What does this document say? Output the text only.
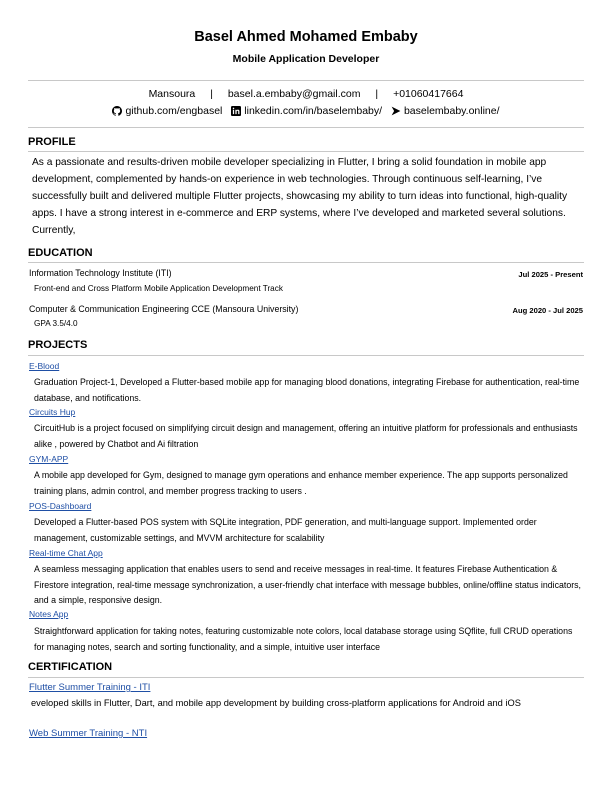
Basel Ahmed Mohamed Embaby
Mobile Application Developer
Mansoura | basel.a.embaby@gmail.com | +01060417664
github.com/engbasel
linkedin.com/in/baselembaby/
baselembaby.online/
PROFILE
As a passionate and results-driven mobile developer specializing in Flutter, I bring a solid foundation in mobile app development, complemented by hands-on experience in web technologies. Through continuous self-learning, I’ve successfully built and delivered multiple Flutter projects, showcasing my ability to turn ideas into functional, high-quality apps. I have a strong interest in e-commerce and ERP systems, where I’ve developed and marketed several solutions. Currently,
EDUCATION
Information Technology Institute (ITI)	Jul 2025 - Present
Front-end and Cross Platform Mobile Application Development Track
Computer & Communication Engineering CCE (Mansoura University)	Aug 2020 - Jul 2025
GPA 3.5/4.0
PROJECTS
E-Blood
Graduation Project-1, Developed a Flutter-based mobile app for managing blood donations, integrating Firebase for authentication, real-time database, and notifications.
Circuits Hup
CircuitHub is a project focused on simplifying circuit design and management, offering an intuitive platform for professionals and enthusiasts alike , powered by Chatbot and Ai filtration
GYM-APP
A mobile app developed for Gym, designed to manage gym operations and enhance member experience. The app supports personalized training plans, admin control, and member progress tracking to users .
POS-Dashboard
Developed a Flutter-based POS system with SQLite integration, PDF generation, and multi-language support. Implemented order management, customizable settings, and MVVM architecture for scalability
Real-time Chat App
A seamless messaging application that enables users to send and receive messages in real-time. It features Firebase Authentication & Firestore integration, real-time message synchronization, a user-friendly chat interface with message bubbles, online/offline status indicators, and a simple, responsive design.
Notes App
Straightforward application for taking notes, featuring customizable note colors, local database storage using SQflite, full CRUD operations for managing notes, search and sorting functionality, and a simple, intuitive user interface
CERTIFICATION
Flutter Summer Training - ITI
eveloped skills in Flutter, Dart, and mobile app development by building cross-platform applications for Android and iOS
Web Summer Training - NTI
